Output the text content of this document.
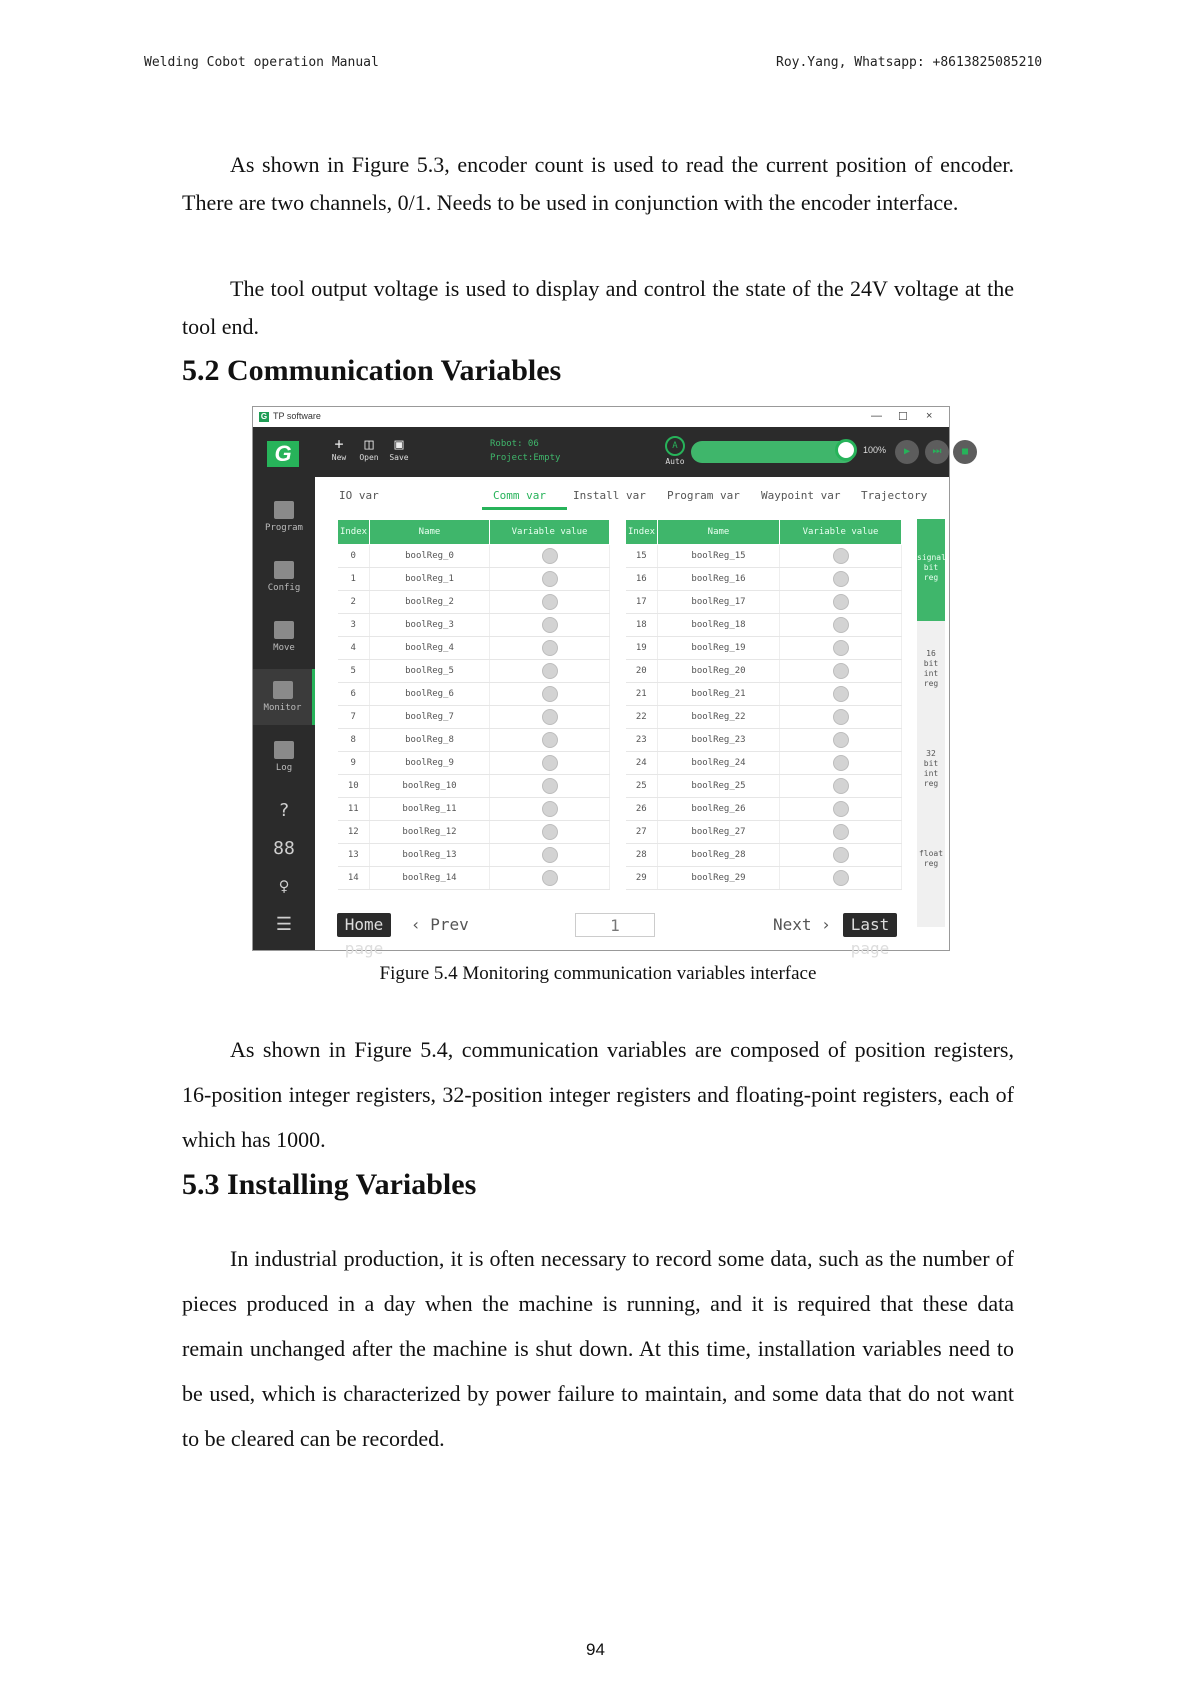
Welding Cobot operation Manual	Roy.Yang, Whatsapp: +8613825085210

As shown in Figure 5.3, encoder count is used to read the current position of encoder. There are two channels, 0/1. Needs to be used in conjunction with the encoder interface.

The tool output voltage is used to display and control the state of the 24V voltage at the tool end.

5.2 Communication Variables
G TP software	— ☐ ×
G
Program
Config
Move
Monitor
Log
?
88
♀
☰
+
New
◫
Open
▣
Save
Robot: 06
Project:Empty
A
Auto
100%	▶	⏭	■
IO var	Comm var Install var Program var Waypoint var Trajectory
Index	Name	Variable value
0	boolReg_0	
1	boolReg_1	
2	boolReg_2	
3	boolReg_3	
4	boolReg_4	
5	boolReg_5	
6	boolReg_6	
7	boolReg_7	
8	boolReg_8	
9	boolReg_9	
10	boolReg_10	
11	boolReg_11	
12	boolReg_12	
13	boolReg_13	
14	boolReg_14	
Index	Name	Variable value
15	boolReg_15	
16	boolReg_16	
17	boolReg_17	
18	boolReg_18	
19	boolReg_19	
20	boolReg_20	
21	boolReg_21	
22	boolReg_22	
23	boolReg_23	
24	boolReg_24	
25	boolReg_25	
26	boolReg_26	
27	boolReg_27	
28	boolReg_28	
29	boolReg_29	
signal bit reg
16 bit int reg
32 bit int reg
float reg
Home page
‹ Prev	1	Next ›	Last page
Figure 5.4 Monitoring communication variables interface

As shown in Figure 5.4, communication variables are composed of position registers, 16-position integer registers, 32-position integer registers and floating-point registers, each of which has 1000.

5.3 Installing Variables

In industrial production, it is often necessary to record some data, such as the number of pieces produced in a day when the machine is running, and it is required that these data remain unchanged after the machine is shut down. At this time, installation variables need to be used, which is characterized by power failure to maintain, and some data that do not want to be cleared can be recorded.

94
